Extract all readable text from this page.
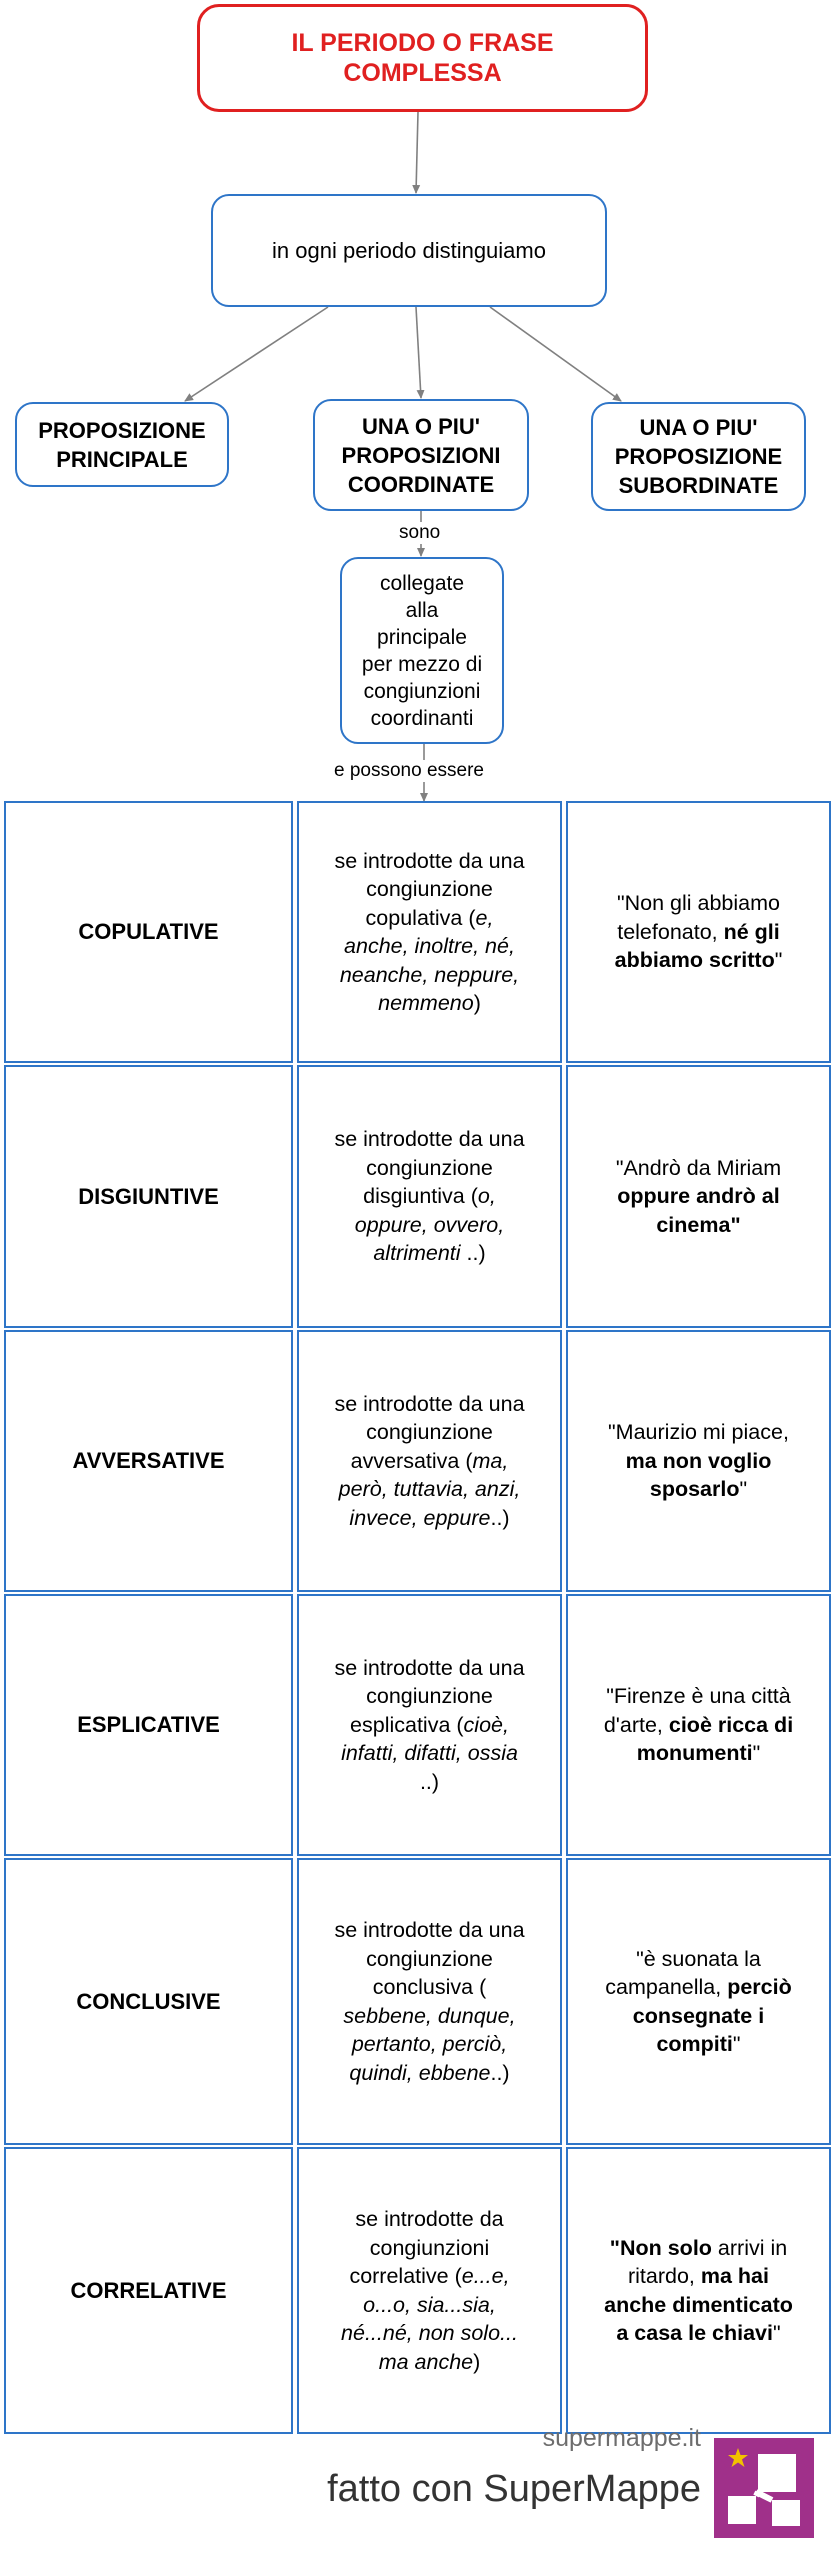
IL PERIODO O FRASE
COMPLESSA
in ogni periodo distinguiamo
PROPOSIZIONE
PRINCIPALE
UNA O PIU'
PROPOSIZIONI
COORDINATE
UNA O PIU'
PROPOSIZIONE
SUBORDINATE
sono
collegate
alla
principale
per mezzo di
congiunzioni
coordinanti
e possono essere
COPULATIVE
se introdotte da una
congiunzione
copulativa (e,
anche, inoltre, né,
neanche, neppure,
nemmeno)
"Non gli abbiamo
telefonato, né gli
abbiamo scritto"
DISGIUNTIVE
se introdotte da una
congiunzione
disgiuntiva (o,
oppure, ovvero,
altrimenti ..)
"Andrò da Miriam
oppure andrò al
cinema"
AVVERSATIVE
se introdotte da una
congiunzione
avversativa (ma,
però, tuttavia, anzi,
invece, eppure..)
"Maurizio mi piace,
ma non voglio
sposarlo"
ESPLICATIVE
se introdotte da una
congiunzione
esplicativa (cioè,
infatti, difatti, ossia
..)
"Firenze è una città
d'arte, cioè ricca di
monumenti"
CONCLUSIVE
se introdotte da una
congiunzione
conclusiva (
sebbene, dunque,
pertanto, perciò,
quindi, ebbene..)
"è suonata la
campanella, perciò
consegnate i
compiti"
CORRELATIVE
se introdotte da
congiunzioni
correlative (e...e,
o...o, sia...sia,
né...né, non solo...
ma anche)
"Non solo arrivi in
ritardo, ma hai
anche dimenticato
a casa le chiavi"
supermappe.it
fatto con SuperMappe
